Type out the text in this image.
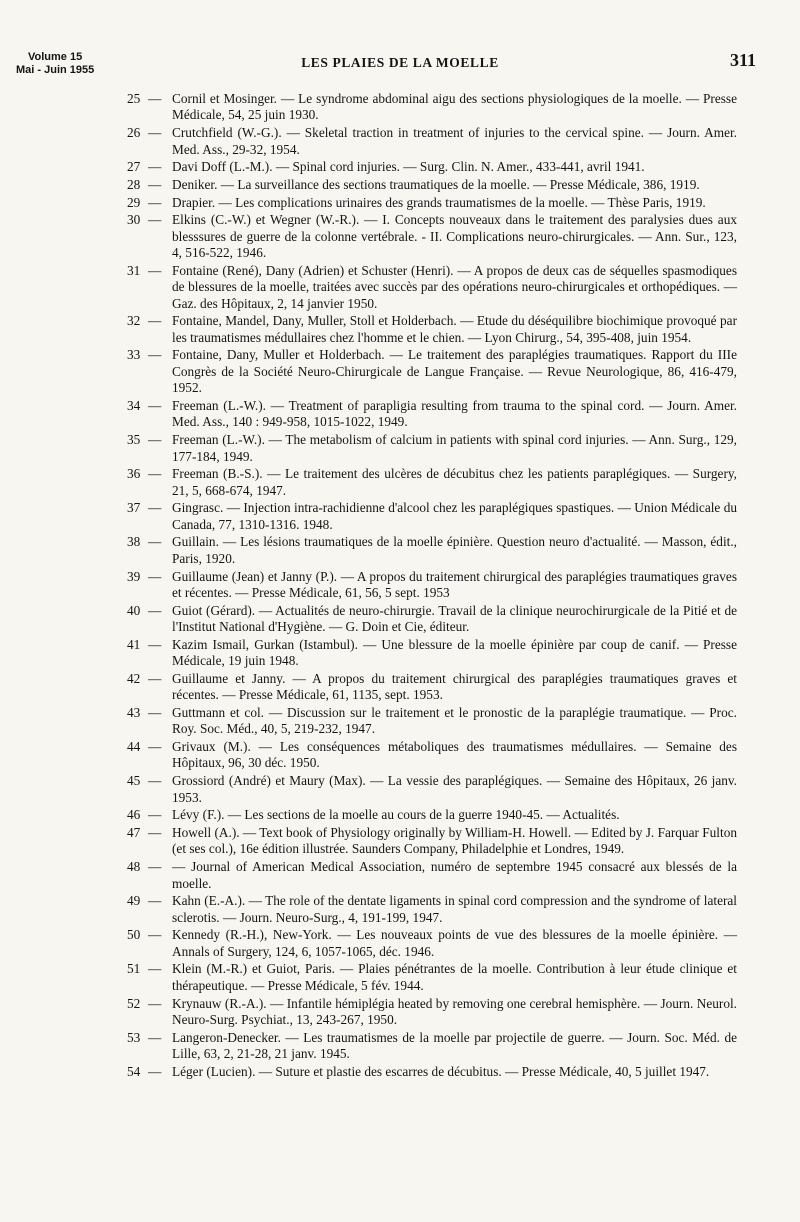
Volume 15
Mai - Juin 1955	LES PLAIES DE LA MOELLE	311
25 — Cornil et Mosinger. — Le syndrome abdominal aigu des sections physiologiques de la moelle. — Presse Médicale, 54, 25 juin 1930.
26 — Crutchfield (W.-G.). — Skeletal traction in treatment of injuries to the cervical spine. — Journ. Amer. Med. Ass., 29-32, 1954.
27 — Davi Doff (L.-M.). — Spinal cord injuries. — Surg. Clin. N. Amer., 433-441, avril 1941.
28 — Deniker. — La surveillance des sections traumatiques de la moelle. — Presse Médicale, 386, 1919.
29 — Drapier. — Les complications urinaires des grands traumatismes de la moelle. — Thèse Paris, 1919.
30 — Elkins (C.-W.) et Wegner (W.-R.). — I. Concepts nouveaux dans le traitement des paralysies dues aux blesssures de guerre de la colonne vertébrale. - II. Complications neuro-chirurgicales. — Ann. Sur., 123, 4, 516-522, 1946.
31 — Fontaine (René), Dany (Adrien) et Schuster (Henri). — A propos de deux cas de séquelles spasmodiques de blessures de la moelle, traitées avec succès par des opérations neuro-chirurgicales et orthopédiques. — Gaz. des Hôpitaux, 2, 14 janvier 1950.
32 — Fontaine, Mandel, Dany, Muller, Stoll et Holderbach. — Etude du déséquilibre biochimique provoqué par les traumatismes médullaires chez l'homme et le chien. — Lyon Chirurg., 54, 395-408, juin 1954.
33 — Fontaine, Dany, Muller et Holderbach. — Le traitement des paraplégies traumatiques. Rapport du IIIe Congrès de la Société Neuro-Chirurgicale de Langue Française. — Revue Neurologique, 86, 416-479, 1952.
34 — Freeman (L.-W.). — Treatment of parapligia resulting from trauma to the spinal cord. — Journ. Amer. Med. Ass., 140 : 949-958, 1015-1022, 1949.
35 — Freeman (L.-W.). — The metabolism of calcium in patients with spinal cord injuries. — Ann. Surg., 129, 177-184, 1949.
36 — Freeman (B.-S.). — Le traitement des ulcères de décubitus chez les patients paraplégiques. — Surgery, 21, 5, 668-674, 1947.
37 — Gingrasc. — Injection intra-rachidienne d'alcool chez les paraplégiques spastiques. — Union Médicale du Canada, 77, 1310-1316. 1948.
38 — Guillain. — Les lésions traumatiques de la moelle épinière. Question neuro d'actualité. — Masson, édit., Paris, 1920.
39 — Guillaume (Jean) et Janny (P.). — A propos du traitement chirurgical des paraplégies traumatiques graves et récentes. — Presse Médicale, 61, 56, 5 sept. 1953
40 — Guiot (Gérard). — Actualités de neuro-chirurgie. Travail de la clinique neurochirurgicale de la Pitié et de l'Institut National d'Hygiène. — G. Doin et Cie, éditeur.
41 — Kazim Ismail, Gurkan (Istambul). — Une blessure de la moelle épinière par coup de canif. — Presse Médicale, 19 juin 1948.
42 — Guillaume et Janny. — A propos du traitement chirurgical des paraplégies traumatiques graves et récentes. — Presse Médicale, 61, 1135, sept. 1953.
43 — Guttmann et col. — Discussion sur le traitement et le pronostic de la paraplégie traumatique. — Proc. Roy. Soc. Méd., 40, 5, 219-232, 1947.
44 — Grivaux (M.). — Les conséquences métaboliques des traumatismes médullaires. — Semaine des Hôpitaux, 96, 30 déc. 1950.
45 — Grossiord (André) et Maury (Max). — La vessie des paraplégiques. — Semaine des Hôpitaux, 26 janv. 1953.
46 — Lévy (F.). — Les sections de la moelle au cours de la guerre 1940-45. — Actualités.
47 — Howell (A.). — Text book of Physiology originally by William-H. Howell. — Edited by J. Farquar Fulton (et ses col.), 16e édition illustrée. Saunders Company, Philadelphie et Londres, 1949.
48 — — Journal of American Medical Association, numéro de septembre 1945 consacré aux blessés de la moelle.
49 — Kahn (E.-A.). — The role of the dentate ligaments in spinal cord compression and the syndrome of lateral sclerotis. — Journ. Neuro-Surg., 4, 191-199, 1947.
50 — Kennedy (R.-H.), New-York. — Les nouveaux points de vue des blessures de la moelle épinière. — Annals of Surgery, 124, 6, 1057-1065, déc. 1946.
51 — Klein (M.-R.) et Guiot, Paris. — Plaies pénétrantes de la moelle. Contribution à leur étude clinique et thérapeutique. — Presse Médicale, 5 fév. 1944.
52 — Krynauw (R.-A.). — Infantile hémiplégia heated by removing one cerebral hemisphère. — Journ. Neurol. Neuro-Surg. Psychiat., 13, 243-267, 1950.
53 — Langeron-Denecker. — Les traumatismes de la moelle par projectile de guerre. — Journ. Soc. Méd. de Lille, 63, 2, 21-28, 21 janv. 1945.
54 — Léger (Lucien). — Suture et plastie des escarres de décubitus. — Presse Médicale, 40, 5 juillet 1947.
